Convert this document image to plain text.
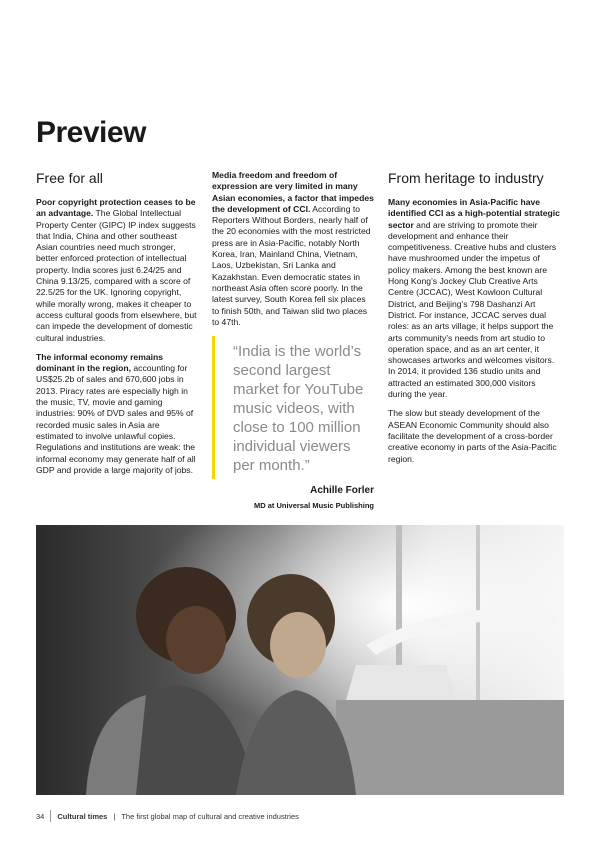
Preview
Free for all

Poor copyright protection ceases to be an advantage. The Global Intellectual Property Center (GIPC) IP index suggests that India, China and other southeast Asian countries need much stronger, better enforced protection of intellectual property. India scores just 6.24/25 and China 9.13/25, compared with a score of 22.5/25 for the UK. Ignoring copyright, while morally wrong, makes it cheaper to access cultural goods from elsewhere, but can impede the development of domestic cultural industries.

The informal economy remains dominant in the region, accounting for US$25.2b of sales and 670,600 jobs in 2013. Piracy rates are especially high in the music, TV, movie and gaming industries: 90% of DVD sales and 95% of recorded music sales in Asia are estimated to involve unlawful copies. Regulations and institutions are weak: the informal economy may generate half of all GDP and provide a large majority of jobs.

Media freedom and freedom of expression are very limited in many Asian economies, a factor that impedes the development of CCI. According to Reporters Without Borders, nearly half of the 20 economies with the most restricted press are in Asia-Pacific, notably North Korea, Iran, Mainland China, Vietnam, Laos, Uzbekistan, Sri Lanka and Kazakhstan. Even democratic states in northeast Asia often score poorly. In the latest survey, South Korea fell six places to finish 50th, and Taiwan slid two places to 47th.

“India is the world’s second largest market for YouTube music videos, with close to 100 million individual viewers per month.”

Achille Forler
MD at Universal Music Publishing
From heritage to industry

Many economies in Asia-Pacific have identified CCI as a high-potential strategic sector and are striving to promote their development and enhance their competitiveness. Creative hubs and clusters have mushroomed under the impetus of policy makers. Among the best known are Hong Kong’s Jockey Club Creative Arts Centre (JCCAC), West Kowloon Cultural District, and Beijing’s 798 Dashanzi Art District. For instance, JCCAC serves dual roles: as an arts village, it helps support the arts community’s needs from art studio to operation space, and as an art center, it showcases artworks and welcomes visitors. In 2014, it provided 136 studio units and attracted an estimated 300,000 visitors during the year.

The slow but steady development of the ASEAN Economic Community should also facilitate the development of a cross-border creative economy in parts of the Asia-Pacific region.

34 Cultural times | The first global map of cultural and creative industries
